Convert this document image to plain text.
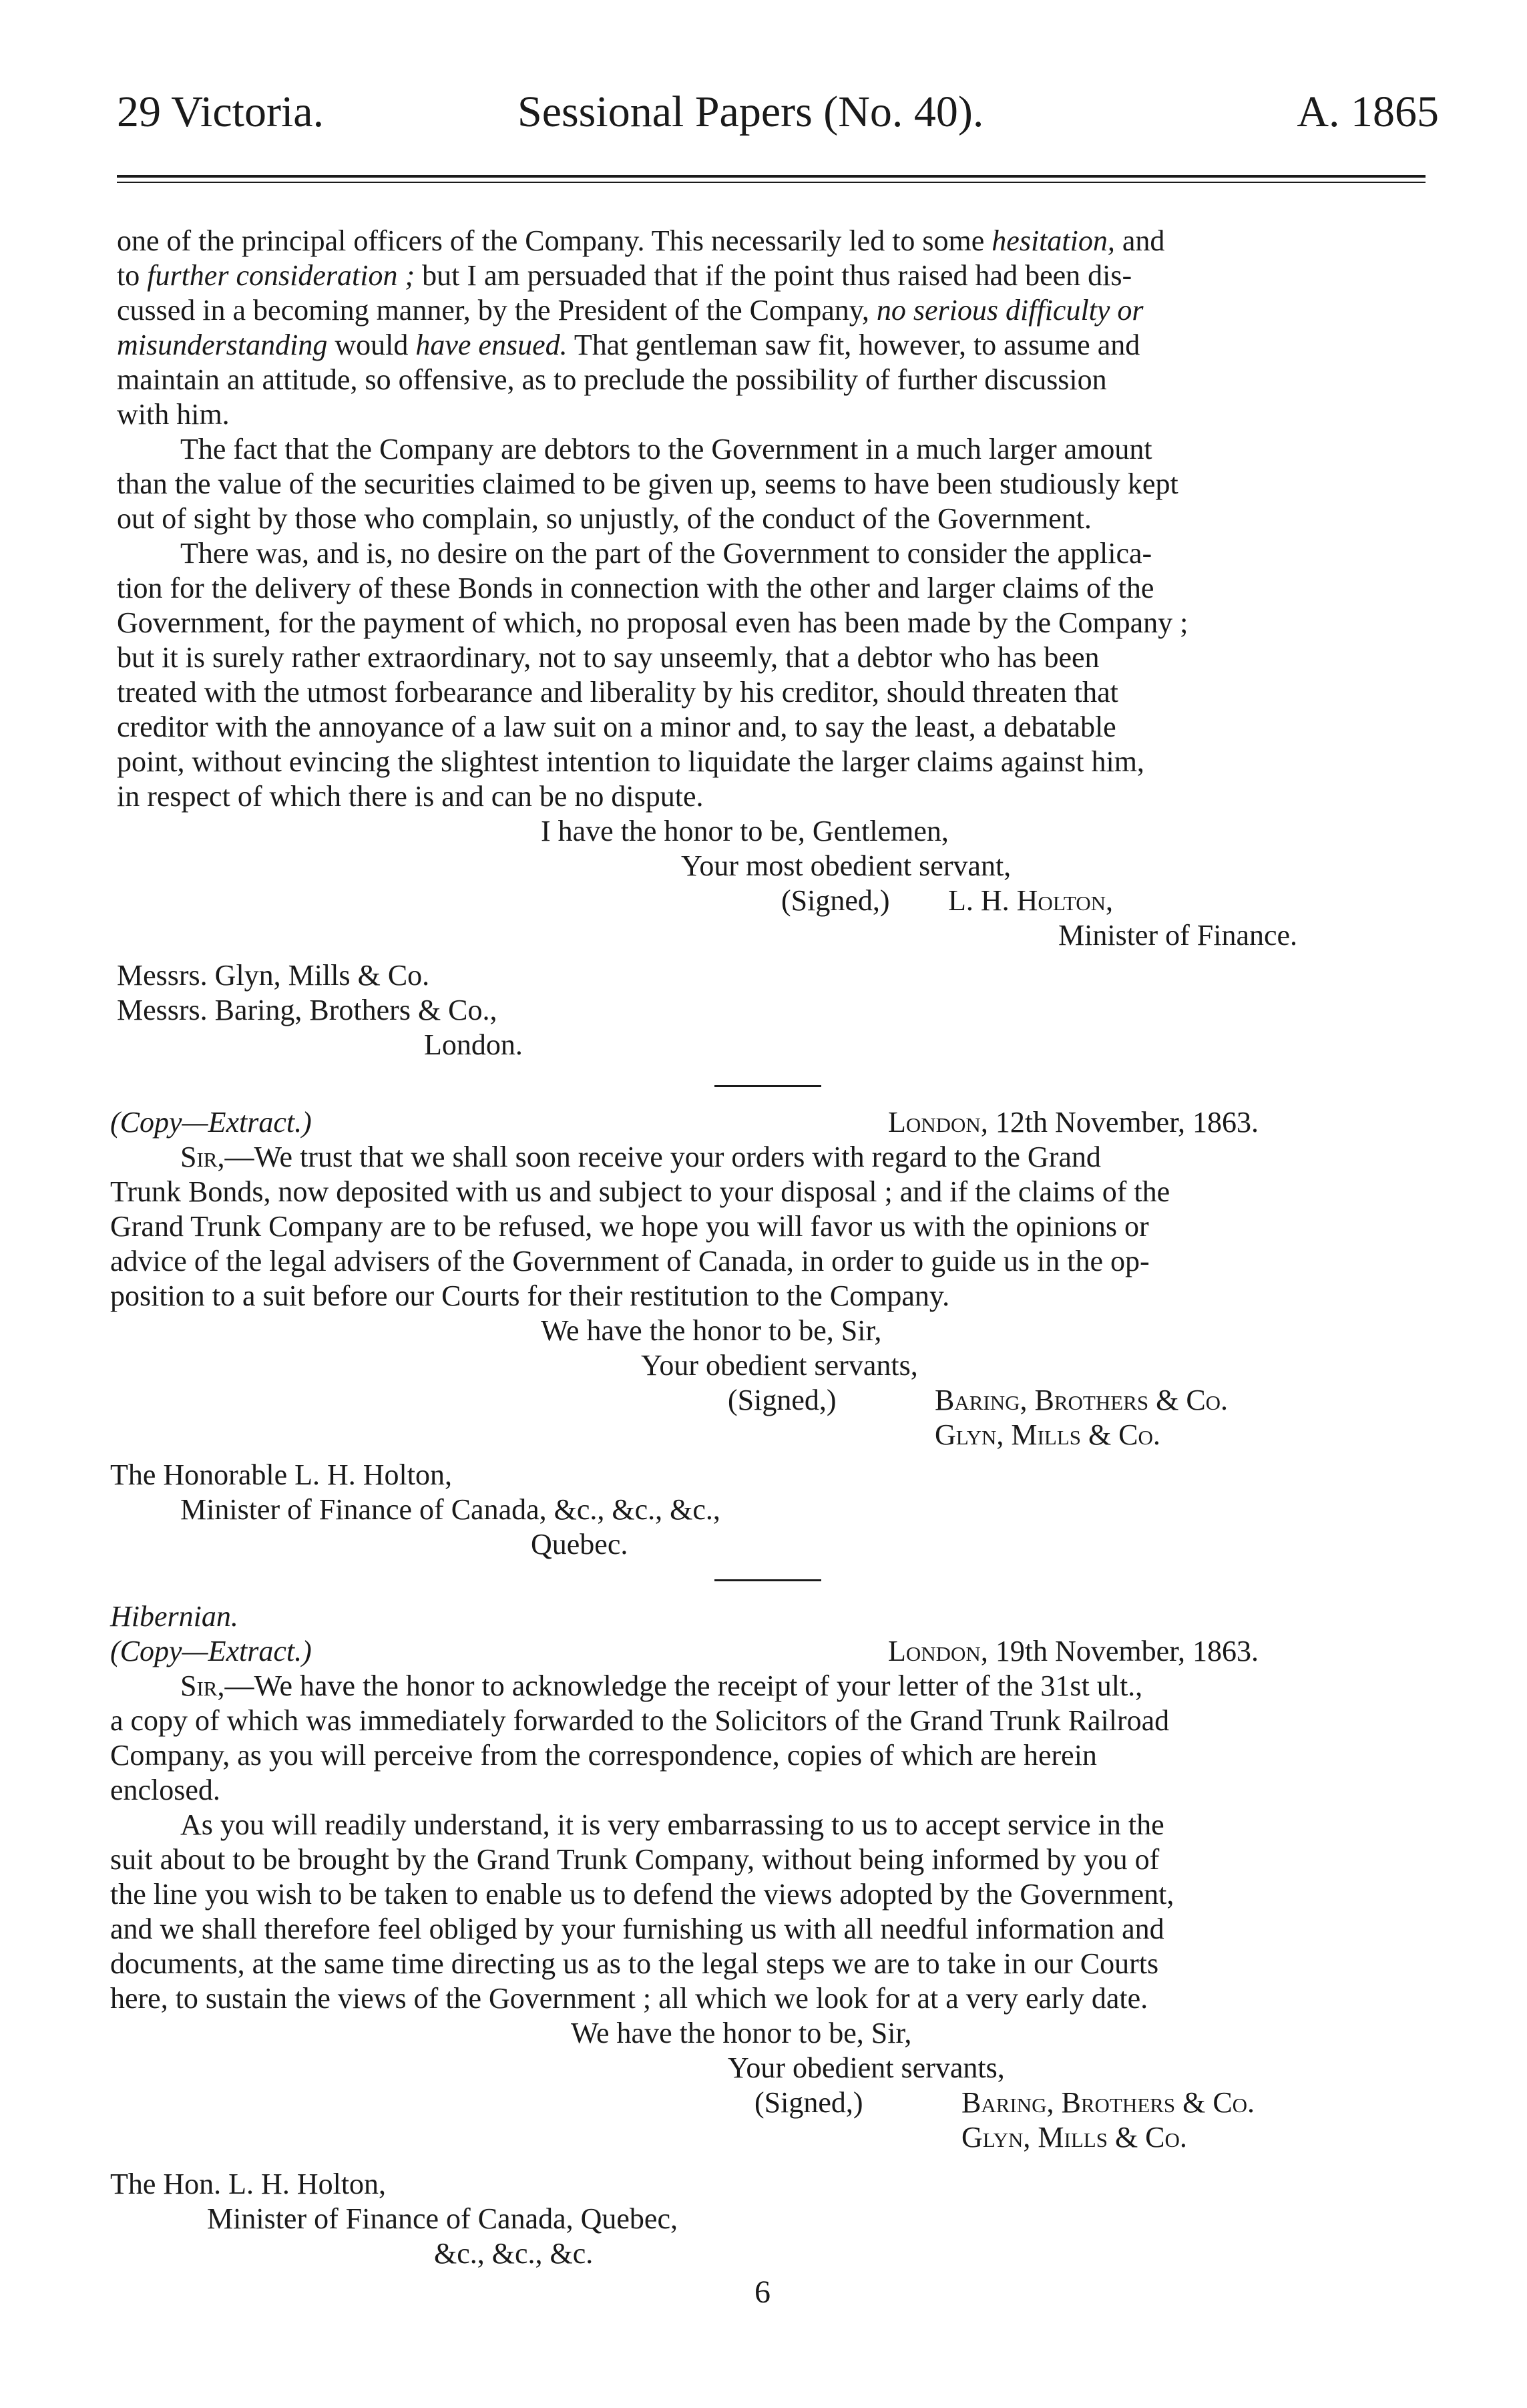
29 Victoria.	Sessional Papers (No. 40).	A. 1865
one of the principal officers of the Company. This necessarily led to some hesitation, and
to further consideration ; but I am persuaded that if the point thus raised had been dis-
cussed in a becoming manner, by the President of the Company, no serious difficulty or
misunderstanding would have ensued. That gentleman saw fit, however, to assume and
maintain an attitude, so offensive, as to preclude the possibility of further discussion
with him.
The fact that the Company are debtors to the Government in a much larger amount
than the value of the securities claimed to be given up, seems to have been studiously kept
out of sight by those who complain, so unjustly, of the conduct of the Government.
There was, and is, no desire on the part of the Government to consider the applica-
tion for the delivery of these Bonds in connection with the other and larger claims of the
Government, for the payment of which, no proposal even has been made by the Company ;
but it is surely rather extraordinary, not to say unseemly, that a debtor who has been
treated with the utmost forbearance and liberality by his creditor, should threaten that
creditor with the annoyance of a law suit on a minor and, to say the least, a debatable
point, without evincing the slightest intention to liquidate the larger claims against him,
in respect of which there is and can be no dispute.
I have the honor to be, Gentlemen,
Your most obedient servant,
(Signed,) L. H. Holton,
Minister of Finance.
Messrs. Glyn, Mills & Co.
Messrs. Baring, Brothers & Co.,
London.
(Copy—Extract.)	London, 12th November, 1863.
Sir,—We trust that we shall soon receive your orders with regard to the Grand
Trunk Bonds, now deposited with us and subject to your disposal ; and if the claims of the
Grand Trunk Company are to be refused, we hope you will favor us with the opinions or
advice of the legal advisers of the Government of Canada, in order to guide us in the op-
position to a suit before our Courts for their restitution to the Company.
We have the honor to be, Sir,
Your obedient servants,
(Signed,)	Baring, Brothers & Co.
Glyn, Mills & Co.
The Honorable L. H. Holton,
Minister of Finance of Canada, &c., &c., &c.,
Quebec.
Hibernian.
(Copy—Extract.)	London, 19th November, 1863.
Sir,—We have the honor to acknowledge the receipt of your letter of the 31st ult.,
a copy of which was immediately forwarded to the Solicitors of the Grand Trunk Railroad
Company, as you will perceive from the correspondence, copies of which are herein
enclosed.
As you will readily understand, it is very embarrassing to us to accept service in the
suit about to be brought by the Grand Trunk Company, without being informed by you of
the line you wish to be taken to enable us to defend the views adopted by the Government,
and we shall therefore feel obliged by your furnishing us with all needful information and
documents, at the same time directing us as to the legal steps we are to take in our Courts
here, to sustain the views of the Government ; all which we look for at a very early date.
We have the honor to be, Sir,
Your obedient servants,
(Signed,)	Baring, Brothers & Co.
Glyn, Mills & Co.
The Hon. L. H. Holton,
Minister of Finance of Canada, Quebec,
&c., &c., &c.
6
